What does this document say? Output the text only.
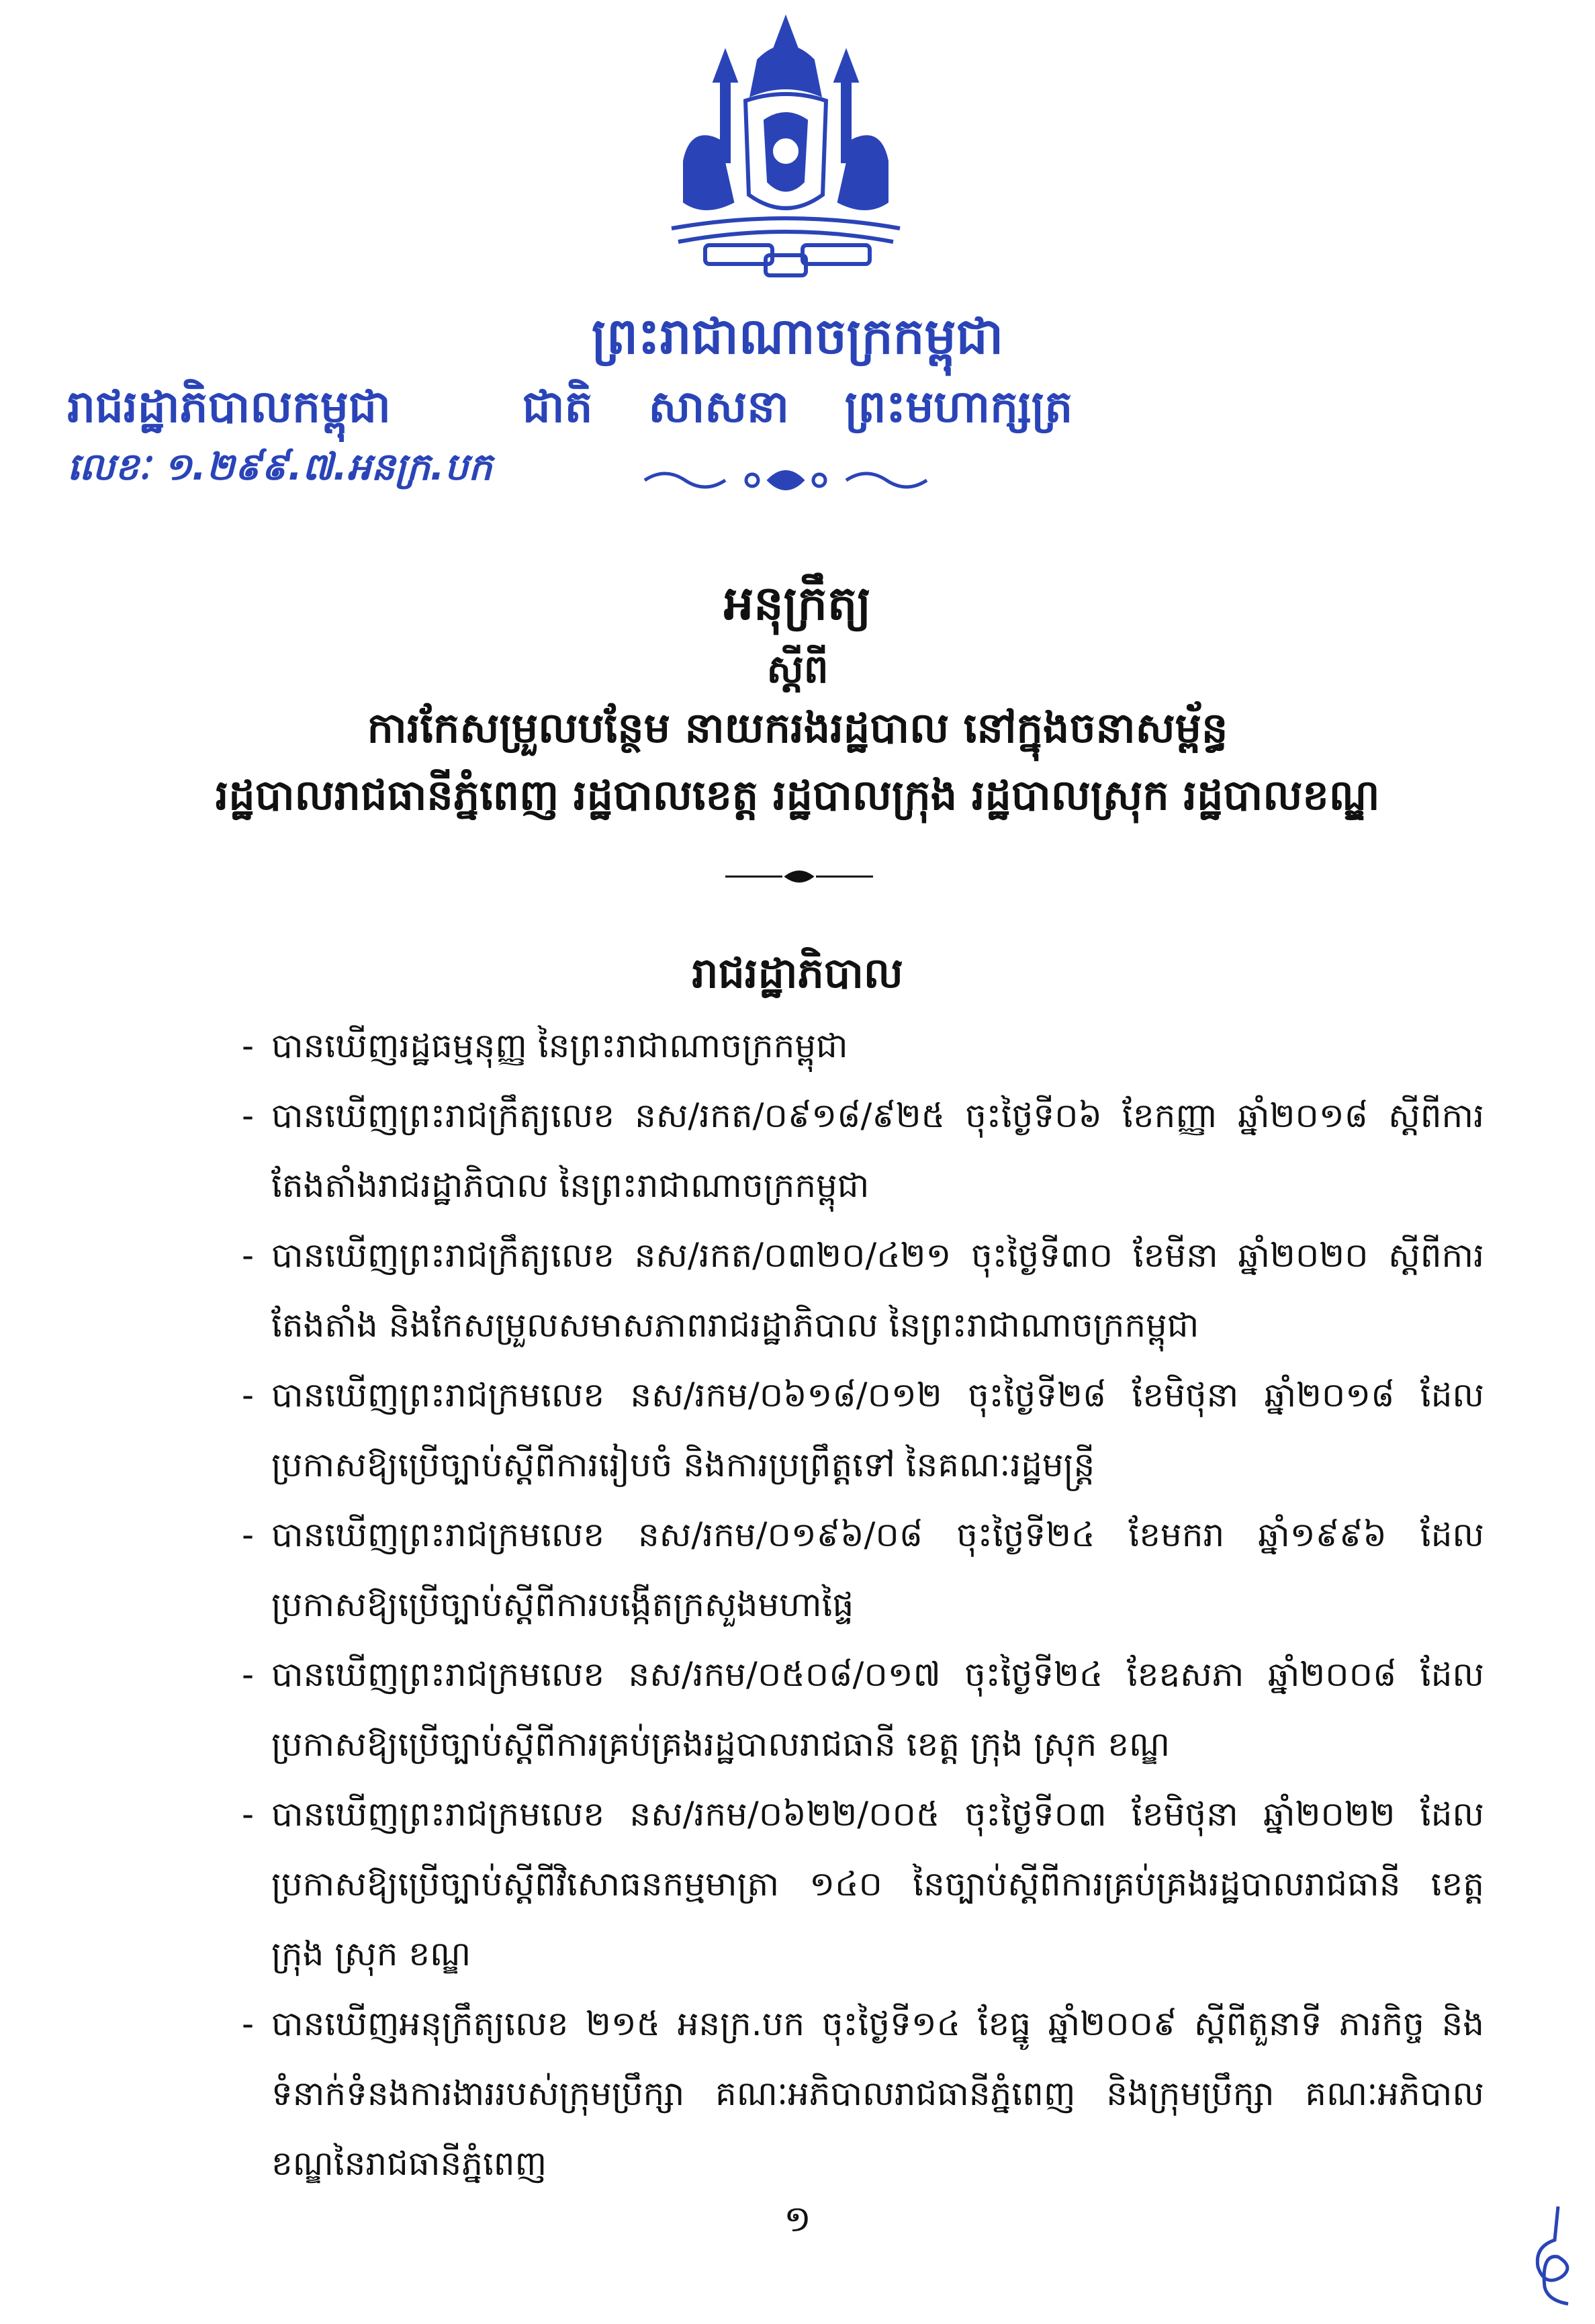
ព្រះរាជាណាចក្រកម្ពុជា
ជាតិ សាសនា ព្រះមហាក្សត្រ
រាជរដ្ឋាភិបាលកម្ពុជា
លេខៈ ១.២៩៩.៧.អនក្រ.បក
អនុក្រឹត្យ
ស្តីពី
ការកែសម្រួលបន្ថែម នាយករងរដ្ឋបាល នៅក្នុងចនាសម្ព័ន្ធ
រដ្ឋបាលរាជធានីភ្នំពេញ រដ្ឋបាលខេត្ត រដ្ឋបាលក្រុង រដ្ឋបាលស្រុក រដ្ឋបាលខណ្ឌ
រាជរដ្ឋាភិបាល
- បានឃើញរដ្ឋធម្មនុញ្ញ នៃព្រះរាជាណាចក្រកម្ពុជា
- បានឃើញព្រះរាជក្រឹត្យលេខ នស/រកត/០៩១៨/៩២៥ ចុះថ្ងៃទី០៦ ខែកញ្ញា ឆ្នាំ២០១៨ ស្តីពីការតែងតាំងរាជរដ្ឋាភិបាល នៃព្រះរាជាណាចក្រកម្ពុជា
- បានឃើញព្រះរាជក្រឹត្យលេខ នស/រកត/០៣២០/៤២១ ចុះថ្ងៃទី៣០ ខែមីនា ឆ្នាំ២០២០ ស្តីពីការតែងតាំង និងកែសម្រួលសមាសភាពរាជរដ្ឋាភិបាល នៃព្រះរាជាណាចក្រកម្ពុជា
- បានឃើញព្រះរាជក្រមលេខ នស/រកម/០៦១៨/០១២ ចុះថ្ងៃទី២៨ ខែមិថុនា ឆ្នាំ២០១៨ ដែលប្រកាសឱ្យប្រើច្បាប់ស្តីពីការរៀបចំ និងការប្រព្រឹត្តទៅ នៃគណៈរដ្ឋមន្ត្រី
- បានឃើញព្រះរាជក្រមលេខ នស/រកម/០១៩៦/០៨ ចុះថ្ងៃទី២៤ ខែមករា ឆ្នាំ១៩៩៦ ដែលប្រកាសឱ្យប្រើច្បាប់ស្តីពីការបង្កើតក្រសួងមហាផ្ទៃ
- បានឃើញព្រះរាជក្រមលេខ នស/រកម/០៥០៨/០១៧ ចុះថ្ងៃទី២៤ ខែឧសភា ឆ្នាំ២០០៨ ដែលប្រកាសឱ្យប្រើច្បាប់ស្តីពីការគ្រប់គ្រងរដ្ឋបាលរាជធានី ខេត្ត ក្រុង ស្រុក ខណ្ឌ
- បានឃើញព្រះរាជក្រមលេខ នស/រកម/០៦២២/០០៥ ចុះថ្ងៃទី០៣ ខែមិថុនា ឆ្នាំ២០២២ ដែលប្រកាសឱ្យប្រើច្បាប់ស្តីពីវិសោធនកម្មមាត្រា ១៤០ នៃច្បាប់ស្តីពីការគ្រប់គ្រងរដ្ឋបាលរាជធានី ខេត្ត ក្រុង ស្រុក ខណ្ឌ
- បានឃើញអនុក្រឹត្យលេខ ២១៥ អនក្រ.បក ចុះថ្ងៃទី១៤ ខែធ្នូ ឆ្នាំ២០០៩ ស្តីពីតួនាទី ភារកិច្ច និងទំនាក់ទំនងការងាររបស់ក្រុមប្រឹក្សា គណៈអភិបាលរាជធានីភ្នំពេញ និងក្រុមប្រឹក្សា គណៈអភិបាលខណ្ឌនៃរាជធានីភ្នំពេញ
១
